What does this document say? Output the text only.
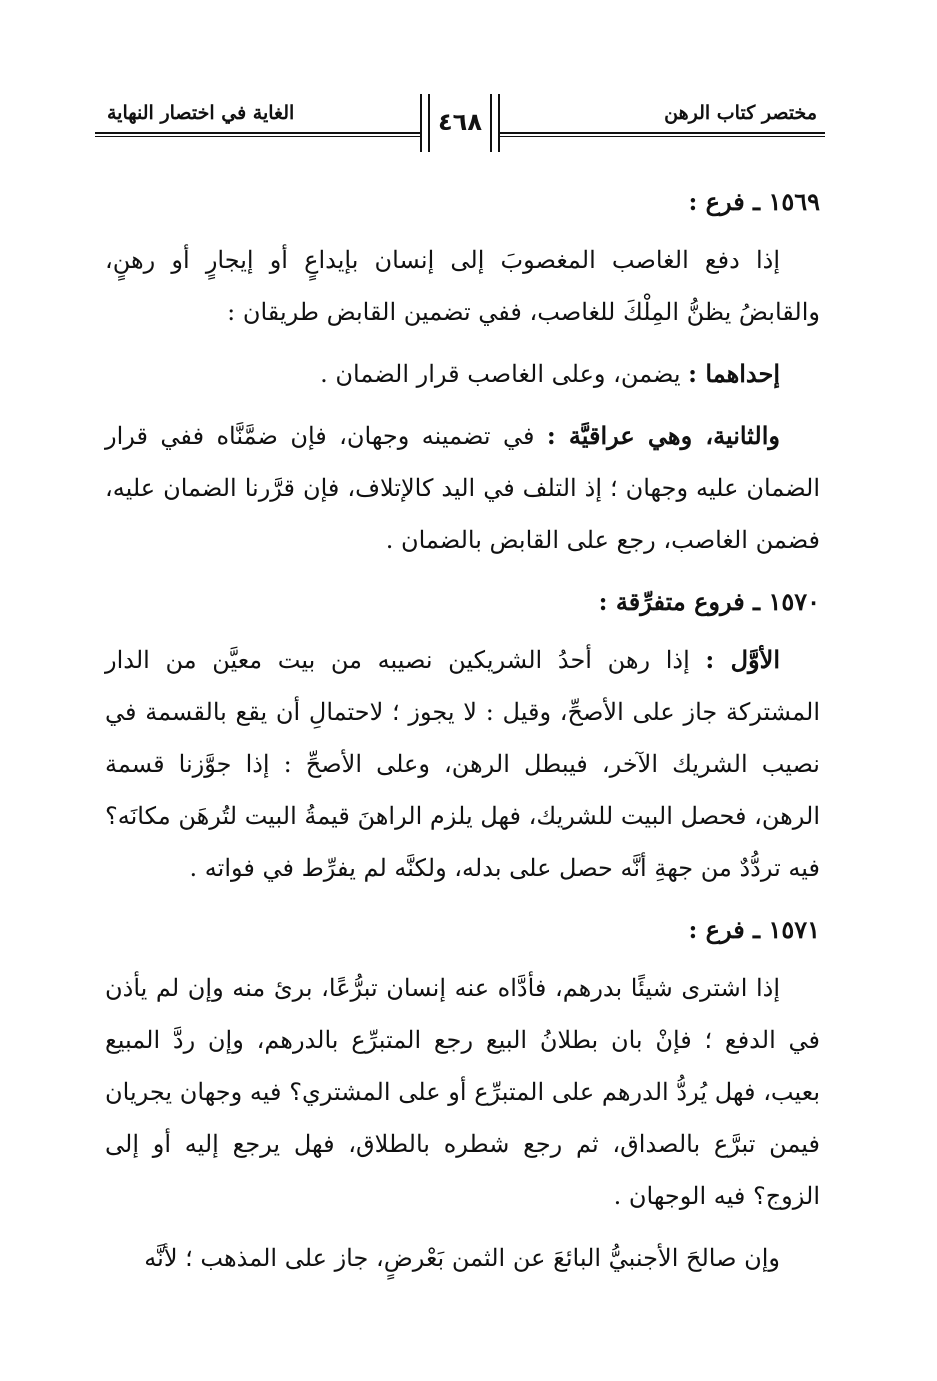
مختصر كتاب الرهن
الغاية في اختصار النهاية	٤٦٨

١٥٦٩ ـ فرع :

إذا دفع الغاصب المغصوبَ إلى إنسان بإيداعٍ أو إيجارٍ أو رهنٍ، والقابضُ يظنُّ المِلْكَ للغاصب، ففي تضمين القابض طريقان :

إحداهما : يضمن، وعلى الغاصب قرار الضمان .

والثانية، وهي عراقيَّة : في تضمينه وجهان، فإن ضمَّنَّاه ففي قرار الضمان عليه وجهان ؛ إذ التلف في اليد كالإتلاف، فإن قرَّرنا الضمان عليه، فضمن الغاصب، رجع على القابض بالضمان .

١٥٧٠ ـ فروع متفرِّقة :

الأوَّل : إذا رهن أحدُ الشريكين نصيبه من بيت معيَّن من الدار المشتركة جاز على الأصحِّ، وقيل : لا يجوز ؛ لاحتمالِ أن يقع بالقسمة في نصيب الشريك الآخر، فيبطل الرهن، وعلى الأصحِّ : إذا جوَّزنا قسمة الرهن، فحصل البيت للشريك، فهل يلزم الراهنَ قيمةُ البيت لتُرهَن مكانَه؟ فيه تردُّدٌ من جهةِ أنَّه حصل على بدله، ولكنَّه لم يفرِّط في فواته .

١٥٧١ ـ فرع :

إذا اشترى شيئًا بدرهم، فأدَّاه عنه إنسان تبرُّعًا، برئ منه وإن لم يأذن في الدفع ؛ فإنْ بان بطلانُ البيع رجع المتبرِّع بالدرهم، وإن ردَّ المبيع بعيب، فهل يُردُّ الدرهم على المتبرِّع أو على المشتري؟ فيه وجهان يجريان فيمن تبرَّع بالصداق، ثم رجع شطره بالطلاق، فهل يرجع إليه أو إلى الزوج؟ فيه الوجهان .

وإن صالحَ الأجنبيُّ البائعَ عن الثمن بَعْرضٍ، جاز على المذهب ؛ لأنَّه
